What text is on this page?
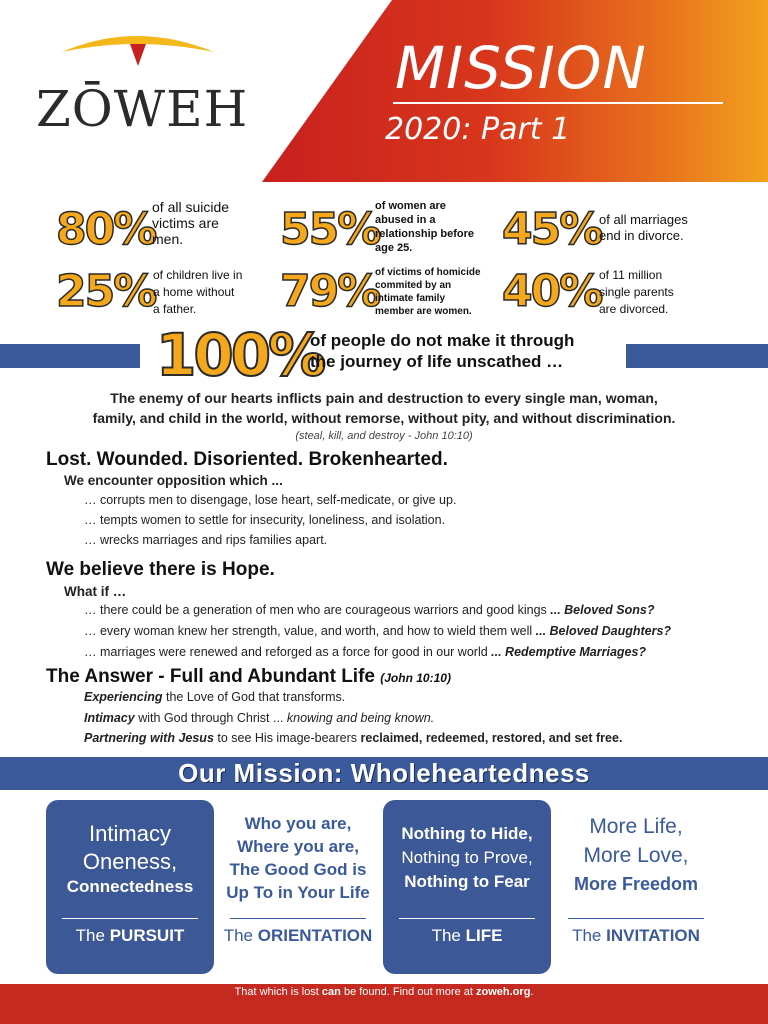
MISSION
2020: Part 1
ZŌWEH
80%
of all suicide
victims are
men.	55%
of women are
abused in a
relationship before
age 25.	45%
of all marriages
end in divorce.
25%
of children live in
a home without
a father.	79%
of victims of homicide
commited by an
intimate family
member are women. 40%
of 11 million
single parents
are divorced.
100%
of people do not make it through
the journey of life unscathed …
The enemy of our hearts inflicts pain and destruction to every single man, woman,
family, and child in the world, without remorse, without pity, and without discrimination.
(steal, kill, and destroy - John 10:10)
Lost. Wounded. Disoriented. Brokenhearted.
We encounter opposition which ...
… corrupts men to disengage, lose heart, self-medicate, or give up.
… tempts women to settle for insecurity, loneliness, and isolation.
… wrecks marriages and rips families apart.
We believe there is Hope.
What if …
… there could be a generation of men who are courageous warriors and good kings ... Beloved Sons?
… every woman knew her strength, value, and worth, and how to wield them well ... Beloved Daughters?
… marriages were renewed and reforged as a force for good in our world ... Redemptive Marriages?
The Answer - Full and Abundant Life (John 10:10)
Experiencing the Love of God that transforms.
Intimacy with God through Christ ... knowing and being known.
Partnering with Jesus to see His image-bearers reclaimed, redeemed, restored, and set free.
Our Mission: Wholeheartedness
Intimacy
Oneness,
Connectedness
The PURSUIT
Who you are,
Where you are,
The Good God is
Up To in Your Life
The ORIENTATION
Nothing to Hide,
Nothing to Prove,
Nothing to Fear
The LIFE
More Life,
More Love,
More Freedom
The INVITATION
That which is lost can be found. Find out more at zoweh.org.
